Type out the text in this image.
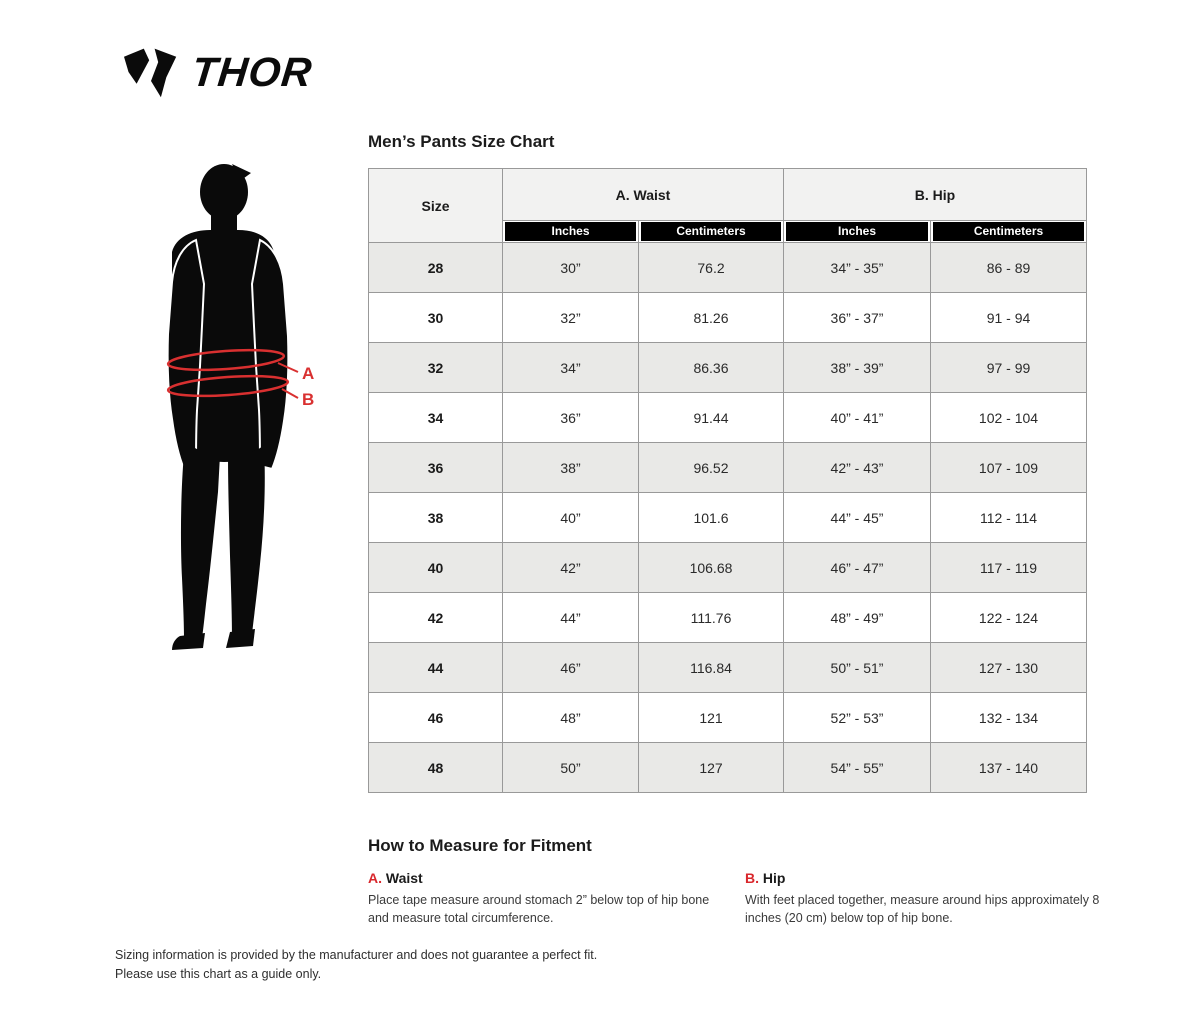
THOR
A
B
Men’s Pants Size Chart
Size	A. Waist		B. Hip	

	Inches	Centimeters	Inches	Centimeters

28	30”	76.2	34” - 35”	86 - 89
30	32”	81.26	36” - 37”	91 - 94
32	34”	86.36	38” - 39”	97 - 99
34	36”	91.44	40” - 41”	102 - 104
36	38”	96.52	42” - 43”	107 - 109
38	40”	101.6	44” - 45”	112 - 114
40	42”	106.68	46” - 47”	117 - 119
42	44”	111.76	48” - 49”	122 - 124
44	46”	116.84	50” - 51”	127 - 130
46	48”	121	52” - 53”	132 - 134
48	50”	127	54” - 55”	137 - 140
How to Measure for Fitment
A. Waist
Place tape measure around stomach 2” below top of hip bone and measure total circumference.
B. Hip
With feet placed together, measure around hips approximately 8 inches (20 cm) below top of hip bone.
Sizing information is provided by the manufacturer and does not guarantee a perfect fit.
Please use this chart as a guide only.
